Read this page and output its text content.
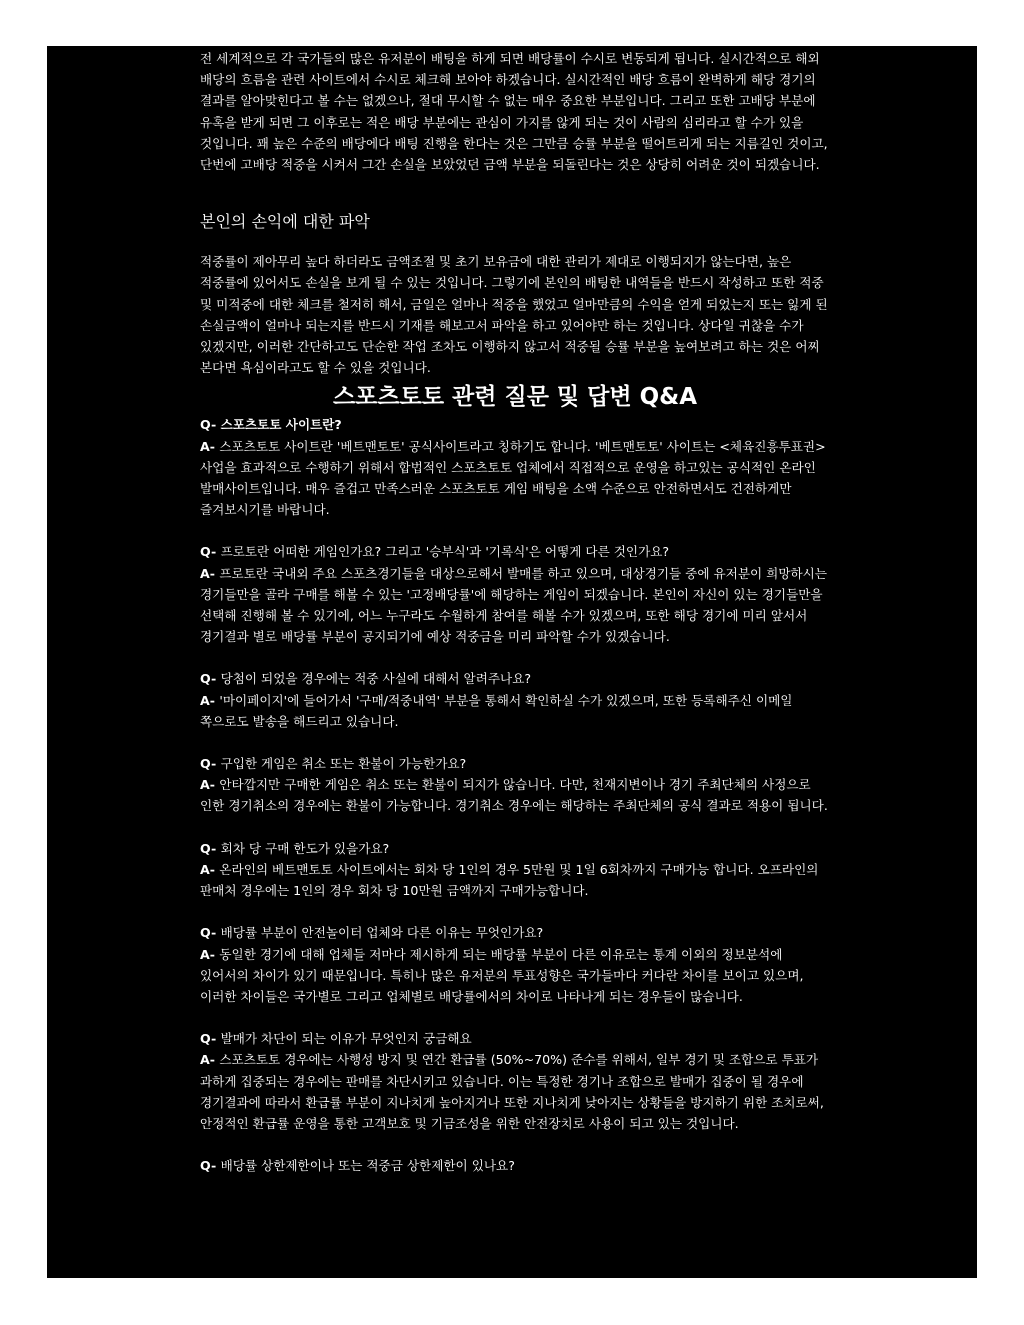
전 세계적으로 각 국가들의 많은 유저분이 배팅을 하게 되면 배당률이 수시로 변동되게 됩니다. 실시간적으로 해외 배당의 흐름을 관련 사이트에서 수시로 체크해 보아야 하겠습니다. 실시간적인 배당 흐름이 완벽하게 해당 경기의 결과를 알아맞힌다고 볼 수는 없겠으나, 절대 무시할 수 없는 매우 중요한 부분입니다. 그리고 또한 고배당 부분에 유혹을 받게 되면 그 이후로는 적은 배당 부분에는 관심이 가지를 않게 되는 것이 사람의 심리라고 할 수가 있을 것입니다. 꽤 높은 수준의 배당에다 배팅 진행을 한다는 것은 그만큼 승률 부분을 떨어트리게 되는 지름길인 것이고, 단번에 고배당 적중을 시켜서 그간 손실을 보았었던 금액 부분을 되돌린다는 것은 상당히 어려운 것이 되겠습니다.

본인의 손익에 대한 파악

적중률이 제아무리 높다 하더라도 금액조절 및 초기 보유금에 대한 관리가 제대로 이행되지가 않는다면, 높은 적중률에 있어서도 손실을 보게 될 수 있는 것입니다. 그렇기에 본인의 배팅한 내역들을 반드시 작성하고 또한 적중 및 미적중에 대한 체크를 철저히 해서, 금일은 얼마나 적중을 했었고 얼마만큼의 수익을 얻게 되었는지 또는 잃게 된 손실금액이 얼마나 되는지를 반드시 기재를 해보고서 파악을 하고 있어야만 하는 것입니다. 상다일 귀찮을 수가 있겠지만, 이러한 간단하고도 단순한 작업 조차도 이행하지 않고서 적중될 승률 부분을 높여보려고 하는 것은 어찌 본다면 욕심이라고도 할 수 있을 것입니다.

스포츠토토 관련 질문 및 답변 Q&A
Q- 스포츠토토 사이트란?
A- 스포츠토토 사이트란 '베트맨토토' 공식사이트라고 칭하기도 합니다. '베트맨토토' 사이트는 <체육진흥투표권> 사업을 효과적으로 수행하기 위해서 합법적인 스포츠토토 업체에서 직접적으로 운영을 하고있는 공식적인 온라인 발매사이트입니다. 매우 즐겁고 만족스러운 스포츠토토 게임 배팅을 소액 수준으로 안전하면서도 건전하게만 즐겨보시기를 바랍니다.
Q- 프로토란 어떠한 게임인가요? 그리고 '승부식'과 '기록식'은 어떻게 다른 것인가요?
A- 프로토란 국내외 주요 스포츠경기들을 대상으로해서 발매를 하고 있으며, 대상경기들 중에 유저분이 희망하시는 경기들만을 골라 구매를 해볼 수 있는 '고정배당률'에 해당하는 게임이 되겠습니다. 본인이 자신이 있는 경기들만을 선택해 진행해 볼 수 있기에, 어느 누구라도 수월하게 참여를 해볼 수가 있겠으며, 또한 해당 경기에 미리 앞서서 경기결과 별로 배당률 부분이 공지되기에 예상 적중금을 미리 파악할 수가 있겠습니다.
Q- 당첨이 되었을 경우에는 적중 사실에 대해서 알려주나요?
A- '마이페이지'에 들어가서 '구매/적중내역' 부분을 통해서 확인하실 수가 있겠으며, 또한 등록해주신 이메일 쪽으로도 발송을 해드리고 있습니다.
Q- 구입한 게임은 취소 또는 환불이 가능한가요?
A- 안타깝지만 구매한 게임은 취소 또는 환불이 되지가 않습니다. 다만, 천재지변이나 경기 주최단체의 사정으로 인한 경기취소의 경우에는 환불이 가능합니다. 경기취소 경우에는 해당하는 주최단체의 공식 결과로 적용이 됩니다.
Q- 회차 당 구매 한도가 있을가요?
A- 온라인의 베트맨토토 사이트에서는 회차 당 1인의 경우 5만원 및 1일 6회차까지 구매가능 합니다. 오프라인의 판매처 경우에는 1인의 경우 회차 당 10만원 금액까지 구매가능합니다.
Q- 배당률 부분이 안전놀이터 업체와 다른 이유는 무엇인가요?
A- 동일한 경기에 대해 업체들 저마다 제시하게 되는 배당률 부분이 다른 이유로는 통계 이외의 정보분석에 있어서의 차이가 있기 때문입니다. 특히나 많은 유저분의 투표성향은 국가들마다 커다란 차이를 보이고 있으며, 이러한 차이들은 국가별로 그리고 업체별로 배당률에서의 차이로 나타나게 되는 경우들이 많습니다.
Q- 발매가 차단이 되는 이유가 무엇인지 궁금해요
A- 스포츠토토 경우에는 사행성 방지 및 연간 환급률 (50%~70%) 준수를 위해서, 일부 경기 및 조합으로 투표가 과하게 집중되는 경우에는 판매를 차단시키고 있습니다. 이는 특정한 경기나 조합으로 발매가 집중이 될 경우에 경기결과에 따라서 환급률 부분이 지나치게 높아지거나 또한 지나치게 낮아지는 상황들을 방지하기 위한 조치로써, 안정적인 환급률 운영을 통한 고객보호 및 기금조성을 위한 안전장치로 사용이 되고 있는 것입니다.
Q- 배당률 상한제한이나 또는 적중금 상한제한이 있나요?
